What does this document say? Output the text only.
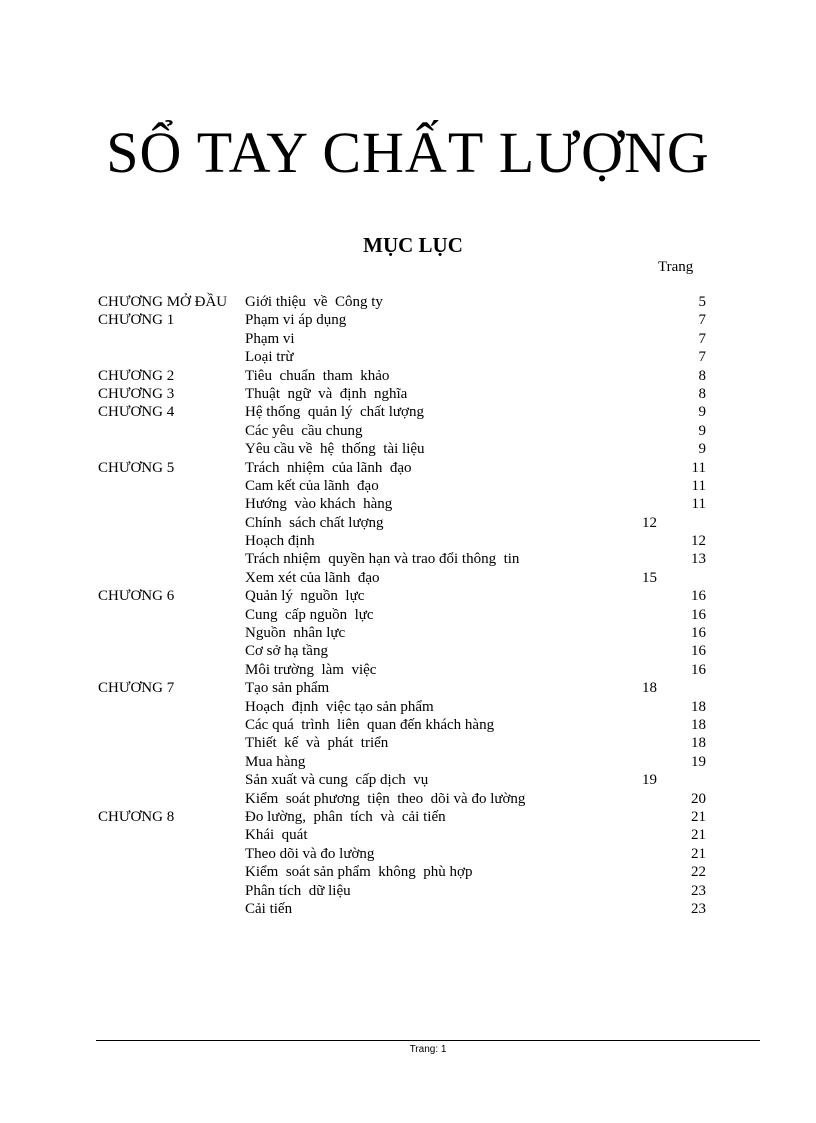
SỔ TAY CHẤT LƯỢNG
MỤC LỤC
Trang
CHƯƠNG MỞ ĐẦU Giới thiệu  về  Công ty	5
CHƯƠNG 1	Phạm vi áp dụng	7
Phạm vi	7
Loại trừ	7
CHƯƠNG 2	Tiêu  chuẩn  tham  khảo	8
CHƯƠNG 3	Thuật  ngữ  và  định  nghĩa	8
CHƯƠNG 4	Hệ thống  quản lý  chất lượng	9
Các yêu  cầu chung	9
Yêu cầu về  hệ  thống  tài liệu	9
CHƯƠNG 5	Trách  nhiệm  của lãnh  đạo	11
Cam kết của lãnh  đạo	11
Hướng  vào khách  hàng	11
Chính  sách chất lượng	12
Hoạch định	12
Trách nhiệm  quyền hạn và trao đổi thông  tin	13
Xem xét của lãnh  đạo	15
CHƯƠNG 6	Quản lý  nguồn  lực	16
Cung  cấp nguồn  lực	16
Nguồn  nhân lực	16
Cơ sở hạ tầng	16
Môi trường  làm  việc	16
CHƯƠNG 7	Tạo sản phẩm	18
Hoạch  định  việc tạo sản phẩm	18
Các quá  trình  liên  quan đến khách hàng	18
Thiết  kế  và  phát  triển	18
Mua hàng	19
Sản xuất và cung  cấp dịch  vụ	19
Kiểm  soát phương  tiện  theo  dõi và đo lường	20
CHƯƠNG 8	Đo lường,  phân  tích  và  cải tiến	21
Khái  quát	21
Theo dõi và đo lường	21
Kiểm  soát sản phẩm  không  phù hợp	22
Phân tích  dữ liệu	23
Cải tiến	23
Trang: 1
